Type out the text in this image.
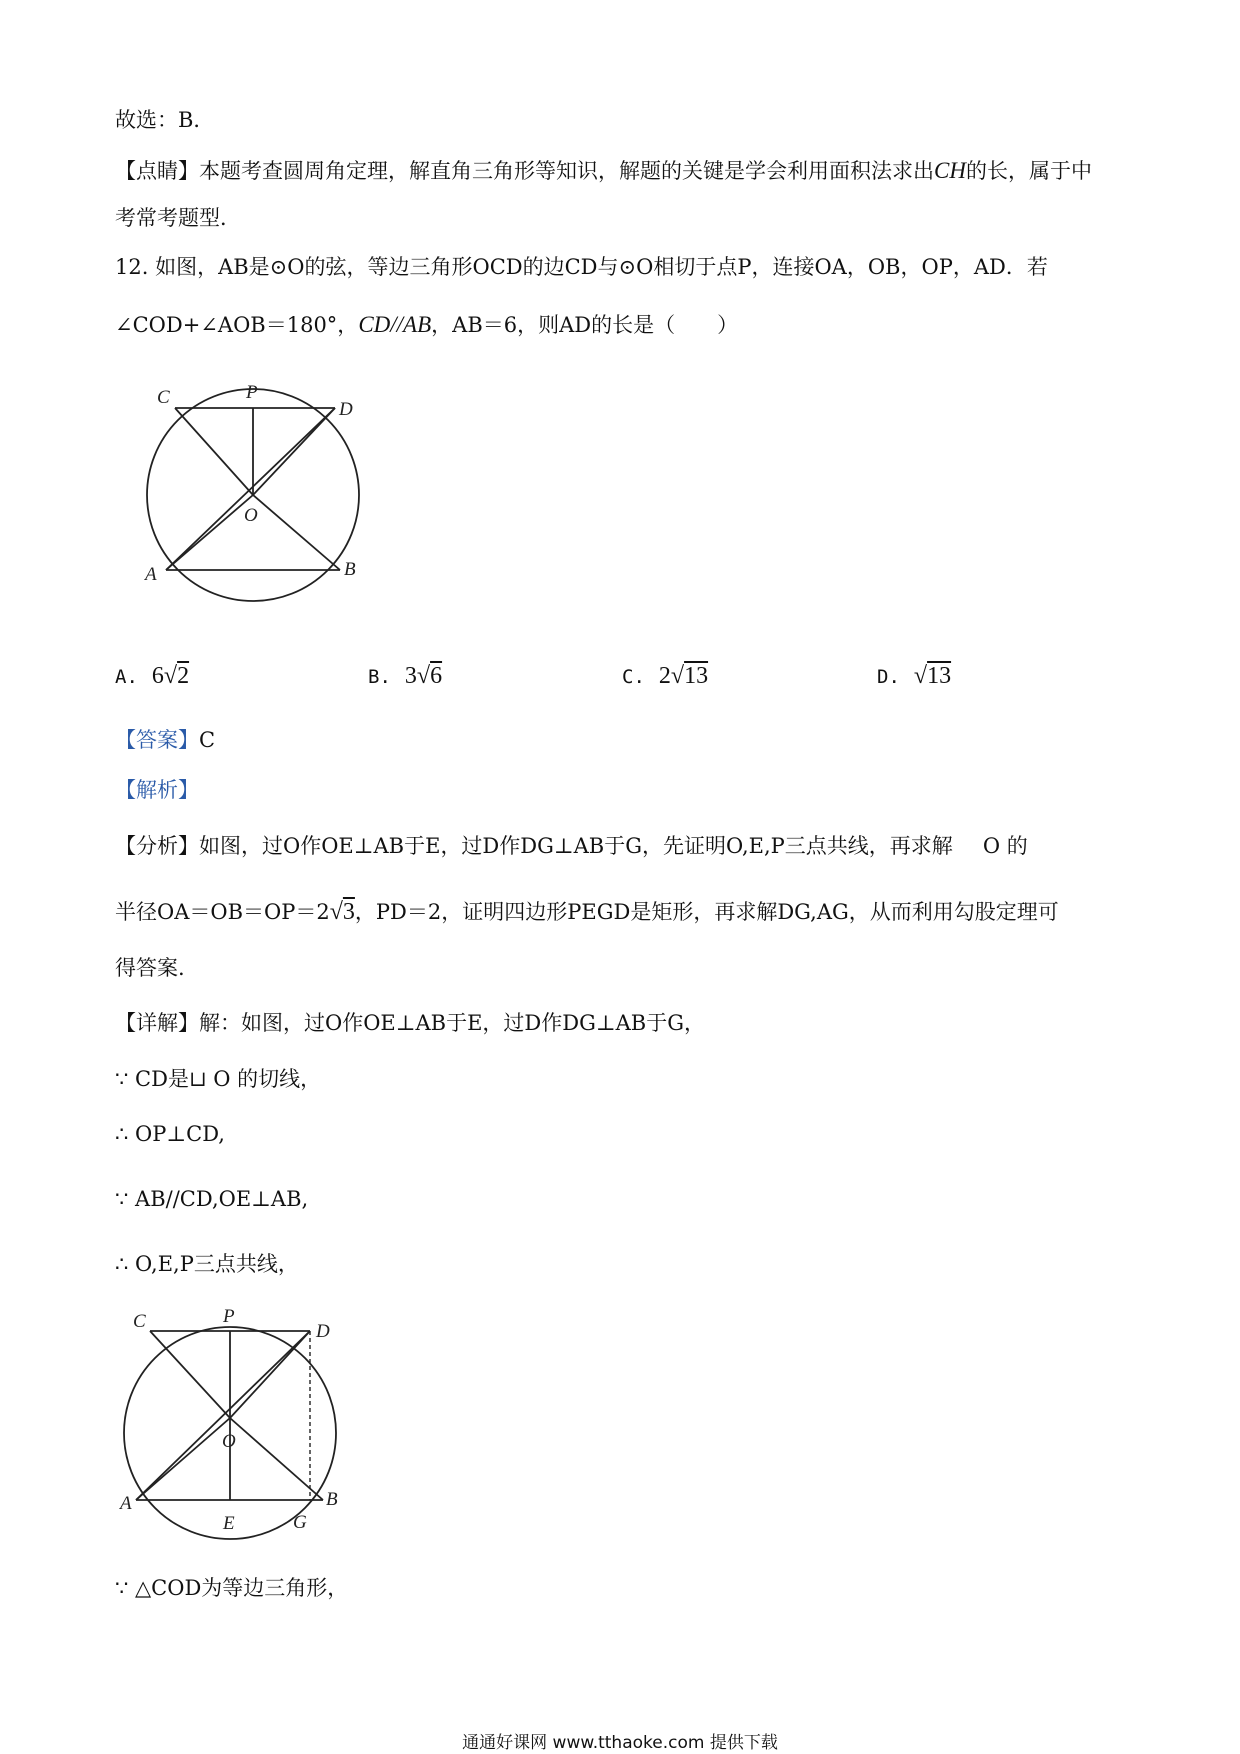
故选：B．
【点睛】本题考查圆周角定理，解直角三角形等知识，解题的关键是学会利用面积法求出CH的长，属于中
考常考题型．
12. 如图，AB是⊙O的弦，等边三角形OCD的边CD与⊙O相切于点P，连接OA，OB，OP，AD．若
∠COD+∠AOB＝180°，CD//AB，AB＝6，则AD的长是（　　）
C	P
D
O
A	B
A. 6√2	B. 3√6	C. 2√13	D. √13
【答案】C
【解析】
【分析】如图，过O作OE⊥AB于E，过D作DG⊥AB于G，先证明O,E,P三点共线，再求解 O 的
半径OA＝OB＝OP＝2√3，PD＝2，证明四边形PEGD是矩形，再求解DG,AG，从而利用勾股定理可
得答案.
【详解】解：如图，过O作OE⊥AB于E，过D作DG⊥AB于G，
∵ CD是⊔ O 的切线，
∴ OP⊥CD,
∵ AB//CD,OE⊥AB,
∴ O,E,P三点共线，
C	P
D
O
A	B
E	G
∵ △COD为等边三角形，
通通好课网 www.tthaoke.com 提供下载
